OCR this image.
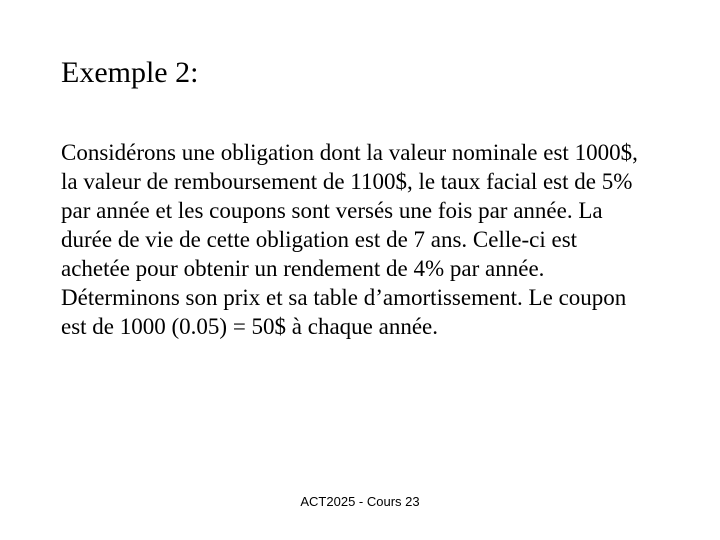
Exemple 2:
Considérons une obligation dont la valeur nominale est 1000$,
la valeur de remboursement de 1100$, le taux facial est de 5%
par année et les coupons sont versés une fois par année. La
durée de vie de cette obligation est de 7 ans. Celle-ci est
achetée pour obtenir un rendement de 4% par année.
Déterminons son prix et sa table d’amortissement. Le coupon
est de 1000 (0.05) = 50$ à chaque année.
ACT2025 - Cours 23
